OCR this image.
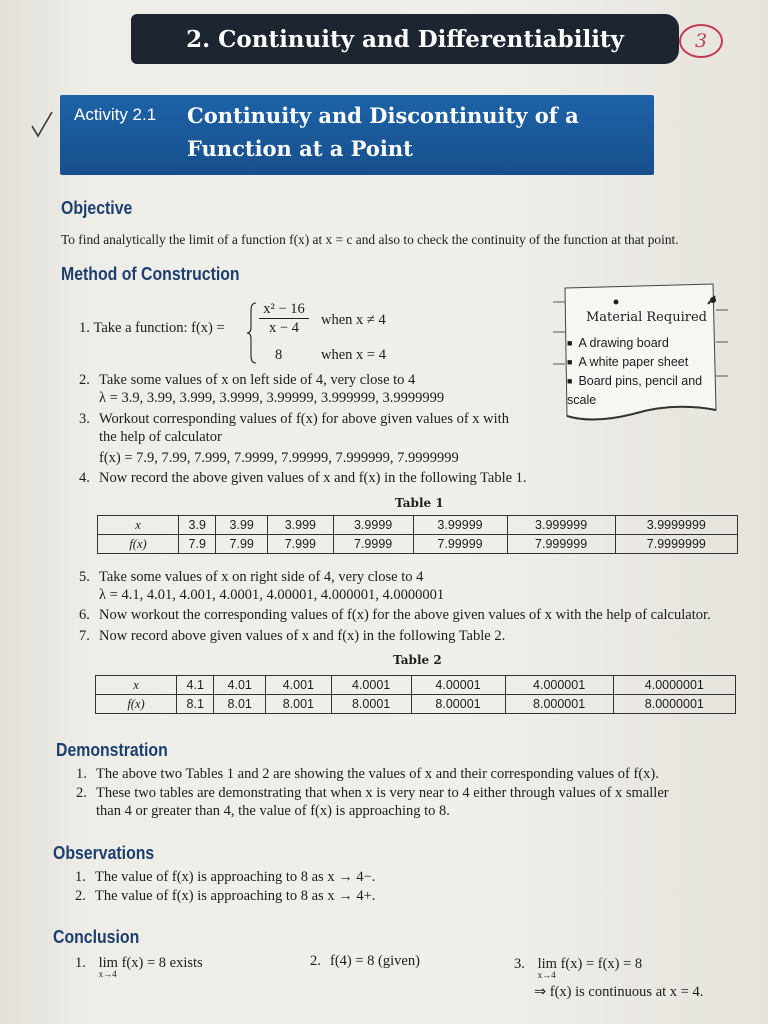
2. Continuity and Differentiability	3
Activity 2.1 Continuity and Discontinuity of a Function at a Point
Objective
To find analytically the limit of a function f(x) at x = c and also to check the continuity of the function at that point.
Method of Construction
1. Take a function: $f(x) = \frac{\text{x² − 16}}{x - 4}$ when x ≠ 4
8	when x = 4
2. Take some values of x on left side of 4, very close to 4
λ = 3.9, 3.99, 3.999, 3.9999, 3.99999, 3.999999, 3.9999999
3. Workout corresponding values of f(x) for above given values of x with
the help of calculator
f(x) = 7.9, 7.99, 7.999, 7.9999, 7.99999, 7.999999, 7.9999999
4. Now record the above given values of x and f(x) in the following Table 1.
Material Required
■ A drawing board
■ A white paper sheet
■ Board pins, pencil and
scale
Table 1
x	3.9	3.99	3.999	3.9999	3.99999	3.999999	3.9999999
f(x)	7.9	7.99	7.999	7.9999	7.99999	7.999999	7.9999999
5. Take some values of x on right side of 4, very close to 4
λ = 4.1, 4.01, 4.001, 4.0001, 4.00001, 4.000001, 4.0000001
6. Now workout the corresponding values of f(x) for the above given values of x with the help of calculator.
7. Now record above given values of x and f(x) in the following Table 2.
Table 2
x	4.1	4.01	4.001	4.0001	4.00001	4.000001	4.0000001
f(x)	8.1	8.01	8.001	8.0001	8.00001	8.000001	8.0000001
Demonstration
1. The above two Tables 1 and 2 are showing the values of x and their corresponding values of f(x).
2. These two tables are demonstrating that when x is very near to 4 either through values of x smaller
than 4 or greater than 4, the value of f(x) is approaching to 8.
Observations
1. The value of f(x) is approaching to 8 as x → 4−.
2. The value of f(x) is approaching to 8 as x → 4+.
Conclusion
1. lim
x→4
f(x) = 8 exists	2. f(4) = 8 (given)	3. lim
x→4
f(x) = f(x) = 8
⇒ f(x) is continuous at x = 4.
